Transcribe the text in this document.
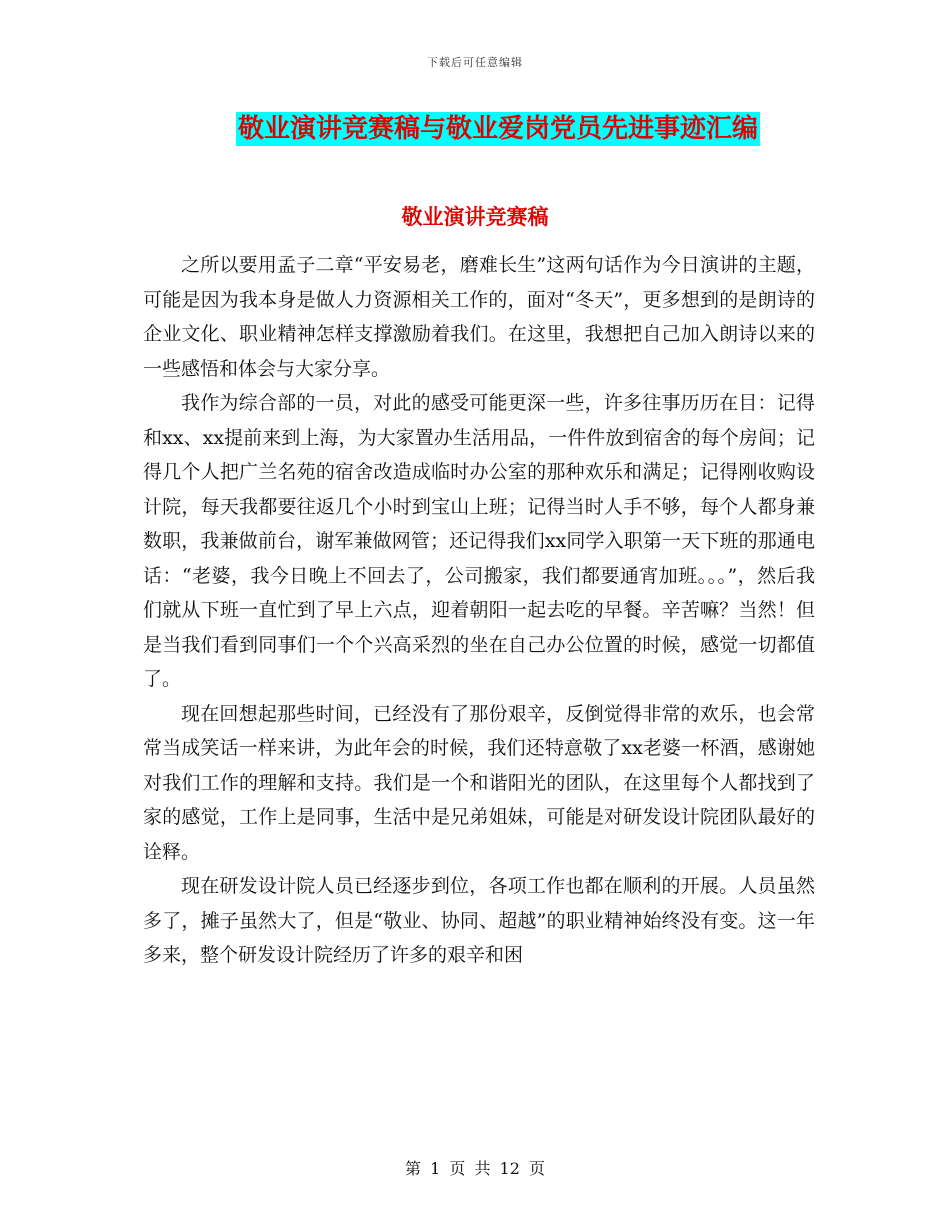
下载后可任意编辑
敬业演讲竞赛稿与敬业爱岗党员先进事迹汇编
敬业演讲竞赛稿

之所以要用孟子二章“平安易老，磨难长生”这两句话作为今日演讲的主题，可能是因为我本身是做人力资源相关工作的，面对“冬天”，更多想到的是朗诗的企业文化、职业精神怎样支撑激励着我们。在这里，我想把自己加入朗诗以来的一些感悟和体会与大家分享。

我作为综合部的一员，对此的感受可能更深一些，许多往事历历在目：记得和xx、xx提前来到上海，为大家置办生活用品，一件件放到宿舍的每个房间；记得几个人把广兰名苑的宿舍改造成临时办公室的那种欢乐和满足；记得刚收购设计院，每天我都要往返几个小时到宝山上班；记得当时人手不够，每个人都身兼数职，我兼做前台，谢军兼做网管；还记得我们xx同学入职第一天下班的那通电话：“老婆，我今日晚上不回去了，公司搬家，我们都要通宵加班。。。”，然后我们就从下班一直忙到了早上六点，迎着朝阳一起去吃的早餐。辛苦嘛？当然！但是当我们看到同事们一个个兴高采烈的坐在自己办公位置的时候，感觉一切都值了。

现在回想起那些时间，已经没有了那份艰辛，反倒觉得非常的欢乐，也会常常当成笑话一样来讲，为此年会的时候，我们还特意敬了xx老婆一杯酒，感谢她对我们工作的理解和支持。我们是一个和谐阳光的团队，在这里每个人都找到了家的感觉，工作上是同事，生活中是兄弟姐妹，可能是对研发设计院团队最好的诠释。

现在研发设计院人员已经逐步到位，各项工作也都在顺利的开展。人员虽然多了，摊子虽然大了，但是“敬业、协同、超越”的职业精神始终没有变。这一年多来，整个研发设计院经历了许多的艰辛和困

第 1 页 共 12 页
